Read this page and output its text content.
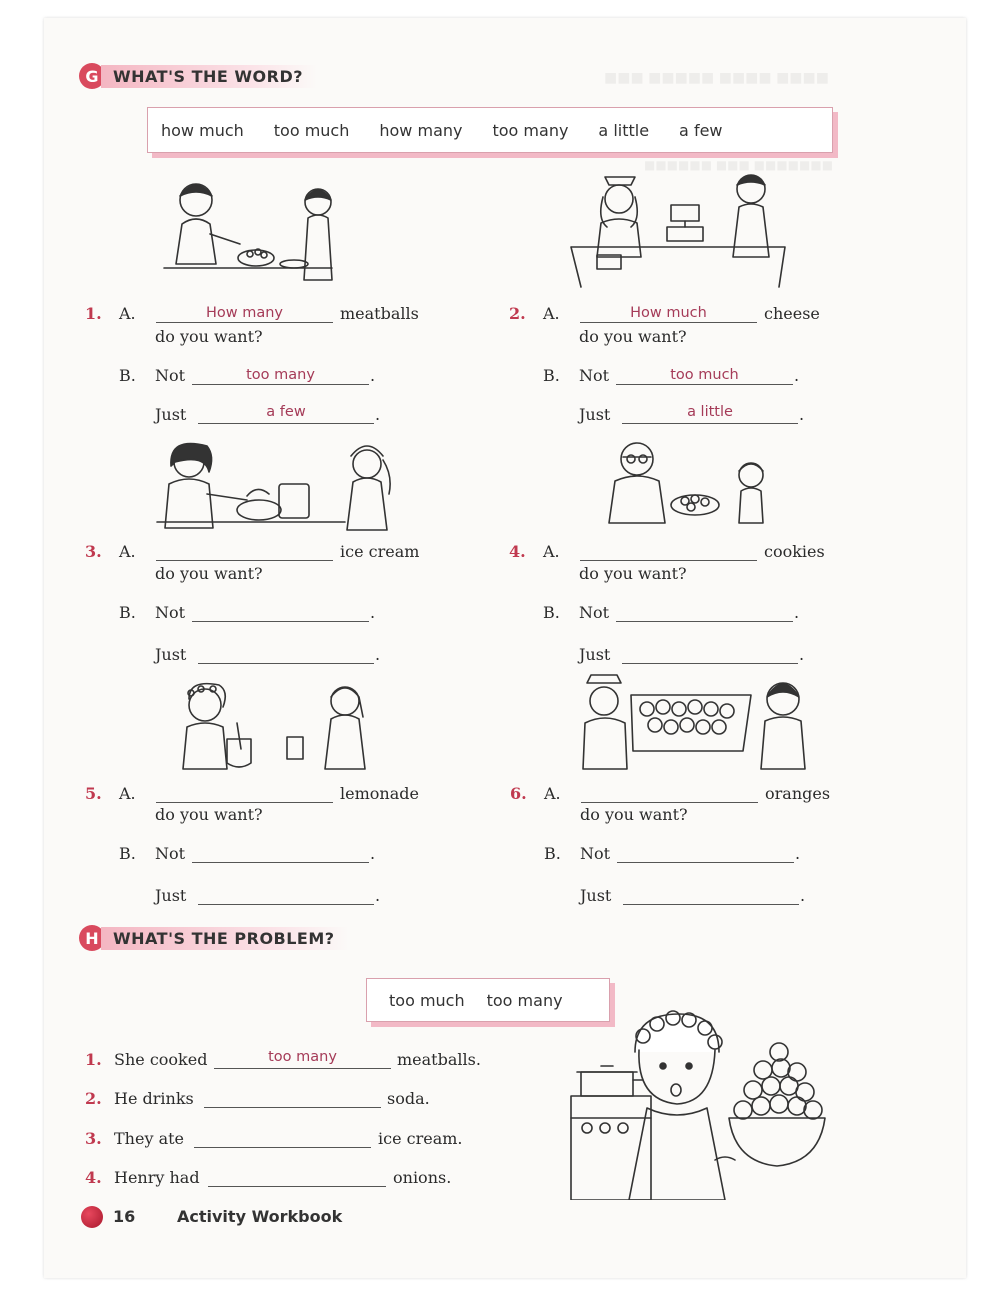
■■■ ■■■■■ ■■■■ ■■■■
■■■■■■ ■■■ ■■■■■■■
G WHAT'S THE WORD?
how much too much how many too many a little a few
1. A.	How many	meatballs
do you want?
B. Not	too many	.
Just	a few	.
2. A.	How much	cheese
do you want?
B. Not	too much	.
Just	a little	.
3. A.	ice cream
do you want?
B. Not	.
Just	.
4. A.	cookies
do you want?
B. Not	.
Just	.
5. A.	lemonade
do you want?
B. Not	.
Just	.
6. A.	oranges
do you want?
B. Not	.
Just	.
H WHAT'S THE PROBLEM?
too much too many
1. She cooked	too many	meatballs.
2. He drinks	soda.
3. They ate	ice cream.
4. Henry had	onions.
16	Activity Workbook
